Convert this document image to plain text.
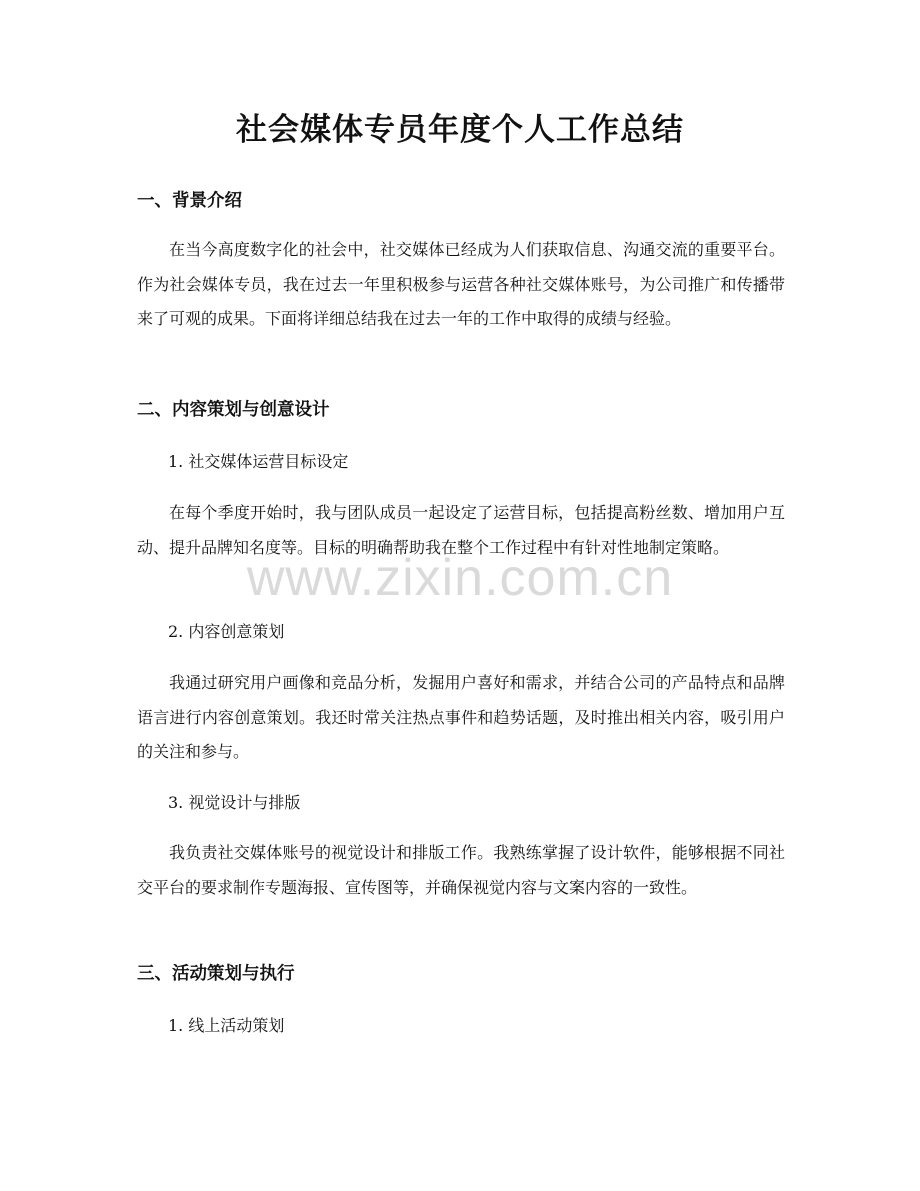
社会媒体专员年度个人工作总结
一、背景介绍

在当今高度数字化的社会中，社交媒体已经成为人们获取信息、沟通交流的重要平台。作为社会媒体专员，我在过去一年里积极参与运营各种社交媒体账号，为公司推广和传播带来了可观的成果。下面将详细总结我在过去一年的工作中取得的成绩与经验。

二、内容策划与创意设计

1. 社交媒体运营目标设定

在每个季度开始时，我与团队成员一起设定了运营目标，包括提高粉丝数、增加用户互动、提升品牌知名度等。目标的明确帮助我在整个工作过程中有针对性地制定策略。

2. 内容创意策划

我通过研究用户画像和竞品分析，发掘用户喜好和需求，并结合公司的产品特点和品牌语言进行内容创意策划。我还时常关注热点事件和趋势话题，及时推出相关内容，吸引用户的关注和参与。

3. 视觉设计与排版

我负责社交媒体账号的视觉设计和排版工作。我熟练掌握了设计软件，能够根据不同社交平台的要求制作专题海报、宣传图等，并确保视觉内容与文案内容的一致性。

三、活动策划与执行

1. 线上活动策划

www.zixin.com.cn
